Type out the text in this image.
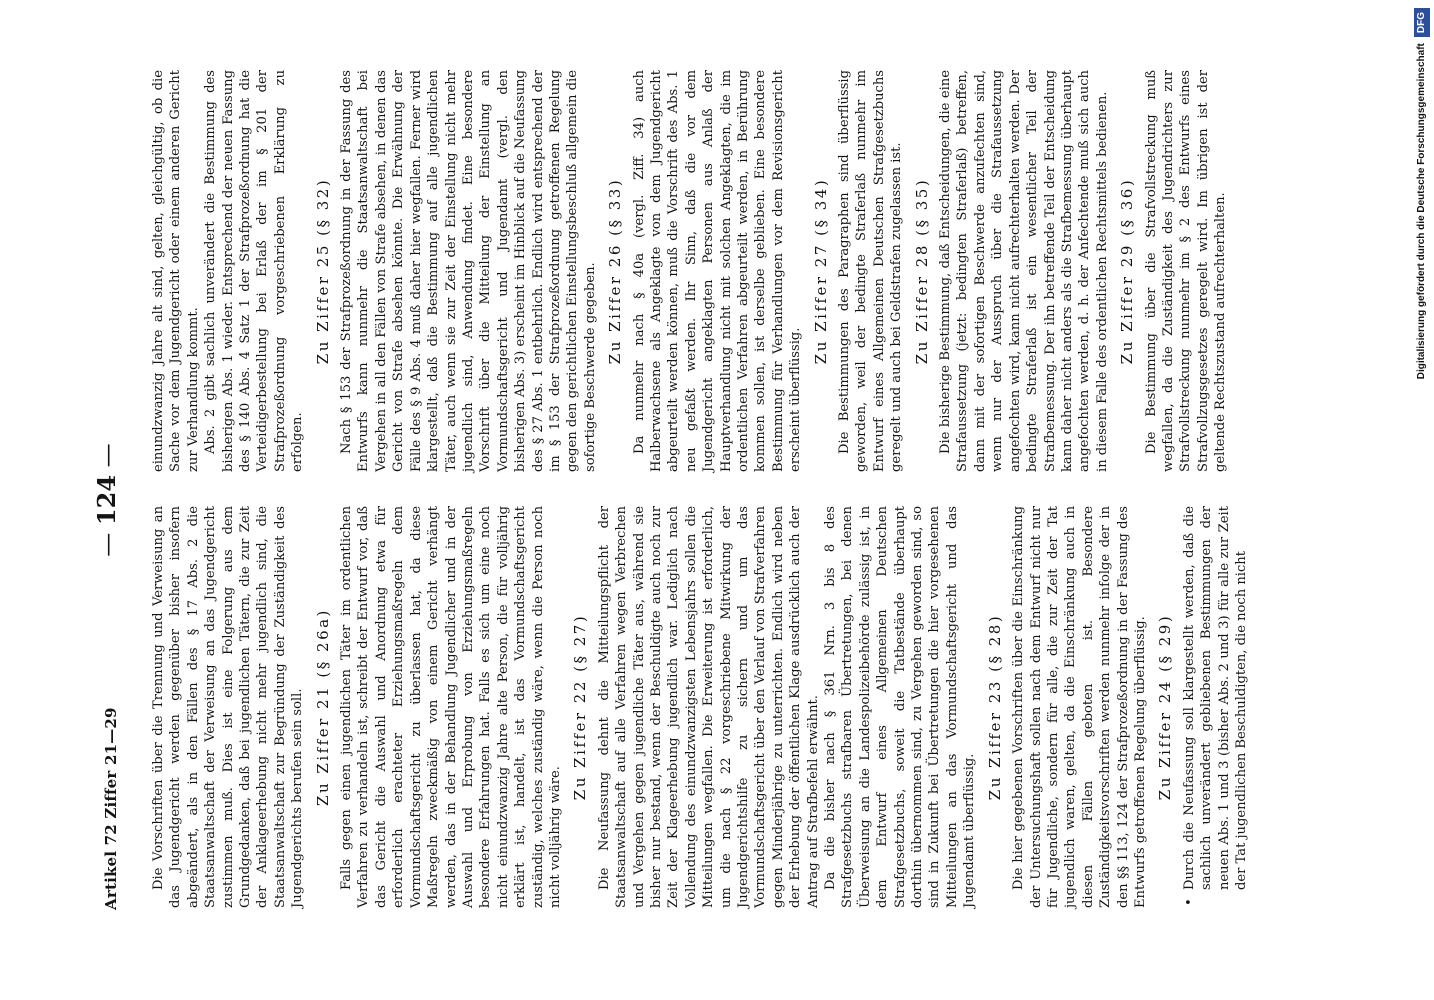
Artikel 72 Ziffer 21—29
— 124 —

Die Vorschriften über die Trennung und Verweisung an das Jugendgericht werden gegenüber bisher insofern abgeändert, als in den Fällen des § 17 Abs. 2 die Staatsanwaltschaft der Verweisung an das Jugendgericht zustimmen muß. Dies ist eine Folgerung aus dem Grundgedanken, daß bei jugendlichen Tätern, die zur Zeit der Anklageerhebung nicht mehr jugendlich sind, die Staatsanwaltschaft zur Begründung der Zuständigkeit des Jugendgerichts berufen sein soll. Zu Ziffer 21 (§ 26a) Falls gegen einen jugendlichen Täter im ordentlichen Verfahren zu verhandeln ist, schreibt der Entwurf vor, daß das Gericht die Auswahl und Anordnung etwa für erforderlich erachteter Erziehungsmaßregeln dem Vormundschaftsgericht zu überlassen hat, da diese Maßregeln zweckmäßig von einem Gericht verhängt werden, das in der Behandlung Jugendlicher und in der Auswahl und Erprobung von Erziehungsmaßregeln besondere Erfahrungen hat. Falls es sich um eine noch nicht einundzwanzig Jahre alte Person, die für volljährig erklärt ist, handelt, ist das Vormundschaftsgericht zuständig, welches zuständig wäre, wenn die Person noch nicht volljährig wäre.

Zu Ziffer 22 (§ 27) Die Neufassung dehnt die Mitteilungspflicht der Staatsanwaltschaft auf alle Verfahren wegen Verbrechen und Vergehen gegen jugendliche Täter aus, während sie bisher nur bestand, wenn der Beschuldigte auch noch zur Zeit der Klageerhebung jugendlich war. Lediglich nach Vollendung des einundzwanzigsten Lebensjahrs sollen die Mitteilungen wegfallen. Die Erweiterung ist erforderlich, um die nach § 22 vorgeschriebene Mitwirkung der Jugendgerichtshilfe zu sichern und um das Vormundschaftsgericht über den Verlauf von Strafverfahren gegen Minderjährige zu unterrichten. Endlich wird neben der Erhebung der öffentlichen Klage ausdrücklich auch der Antrag auf Strafbefehl erwähnt. Da die bisher nach § 361 Nrn. 3 bis 8 des Strafgesetzbuchs strafbaren Übertretungen, bei denen Überweisung an die Landespolizeibehörde zulässig ist, in dem Entwurf eines Allgemeinen Deutschen Strafgesetzbuchs, soweit die Tatbestände überhaupt dorthin übernommen sind, zu Vergehen geworden sind, so sind in Zukunft bei Übertretungen die hier vorgesehenen Mitteilungen an das Vormundschaftsgericht und das Jugendamt überflüssig.

Zu Ziffer 23 (§ 28) Die hier gegebenen Vorschriften über die Einschränkung der Untersuchungshaft sollen nach dem Entwurf nicht nur für Jugendliche, sondern für alle, die zur Zeit der Tat jugendlich waren, gelten, da die Einschränkung auch in diesen Fällen geboten ist. Besondere Zuständigkeitsvorschriften werden nunmehr infolge der in den §§ 113, 124 der Strafprozeßordnung in der Fassung des Entwurfs getroffenen Regelung überflüssig. Zu Ziffer 24 (§ 29)

•
Durch die Neufassung soll klargestellt werden, daß die sachlich unverändert gebliebenen Bestimmungen der neuen Abs. 1 und 3 (bisher Abs. 2 und 3) für alle zur Zeit der Tat jugendlichen Beschuldigten, die noch nicht

einundzwanzig Jahre alt sind, gelten, gleichgültig, ob die Sache vor dem Jugendgericht oder einem anderen Gericht zur Verhandlung kommt. Abs. 2 gibt sachlich unverändert die Bestimmung des bisherigen Abs. 1 wieder. Entsprechend der neuen Fassung des § 140 Abs. 4 Satz 1 der Strafprozeßordnung hat die Verteidigerbestellung bei Erlaß der im § 201 der Strafprozeßordnung vorgeschriebenen Erklärung zu erfolgen.

Zu Ziffer 25 (§ 32) Nach § 153 der Strafprozeßordnung in der Fassung des Entwurfs kann nunmehr die Staatsanwaltschaft bei Vergehen in all den Fällen von Strafe absehen, in denen das Gericht von Strafe absehen könnte. Die Erwähnung der Fälle des § 9 Abs. 4 muß daher hier wegfallen. Ferner wird klargestellt, daß die Bestimmung auf alle jugendlichen Täter, auch wenn sie zur Zeit der Einstellung nicht mehr jugendlich sind, Anwendung findet. Eine besondere Vorschrift über die Mitteilung der Einstellung an Vormundschaftsgericht und Jugendamt (vergl. den bisherigen Abs. 3) erscheint im Hinblick auf die Neufassung des § 27 Abs. 1 entbehrlich. Endlich wird entsprechend der im § 153 der Strafprozeßordnung getroffenen Regelung gegen den gerichtlichen Einstellungsbeschluß allgemein die sofortige Beschwerde gegeben. Zu Ziffer 26 (§ 33) Da nunmehr nach § 40a (vergl. Ziff. 34) auch Halberwachsene als Angeklagte von dem Jugendgericht abgeurteilt werden können, muß die Vorschrift des Abs. 1 neu gefaßt werden. Ihr Sinn, daß die vor dem Jugendgericht angeklagten Personen aus Anlaß der Hauptverhandlung nicht mit solchen Angeklagten, die im ordentlichen Verfahren abgeurteilt werden, in Berührung kommen sollen, ist derselbe geblieben. Eine besondere Bestimmung für Verhandlungen vor dem Revisionsgericht erscheint überflüssig.

Zu Ziffer 27 (§ 34) Die Bestimmungen des Paragraphen sind überflüssig geworden, weil der bedingte Straferlaß nunmehr im Entwurf eines Allgemeinen Deutschen Strafgesetzbuchs geregelt und auch bei Geldstrafen zugelassen ist. Zu Ziffer 28 (§ 35) Die bisherige Bestimmung, daß Entscheidungen, die eine Strafaussetzung (jetzt: bedingten Straferlaß) betreffen, dann mit der sofortigen Beschwerde anzufechten sind, wenn nur der Ausspruch über die Strafaussetzung angefochten wird, kann nicht aufrechterhalten werden. Der bedingte Straferlaß ist ein wesentlicher Teil der Strafbemessung. Der ihn betreffende Teil der Entscheidung kann daher nicht anders als die Strafbemessung überhaupt angefochten werden, d. h. der Anfechtende muß sich auch in diesem Falle des ordentlichen Rechtsmittels bedienen. Zu Ziffer 29 (§ 36) Die Bestimmung über die Strafvollstreckung muß wegfallen, da die Zuständigkeit des Jugendrichters zur Strafvollstreckung nunmehr im § 2 des Entwurfs eines Strafvollzugsgesetzes geregelt wird. Im übrigen ist der geltende Rechtszustand aufrechterhalten.	Digitalisierung gefördert durch die Deutsche ForschungsgemeinschaftDFG
